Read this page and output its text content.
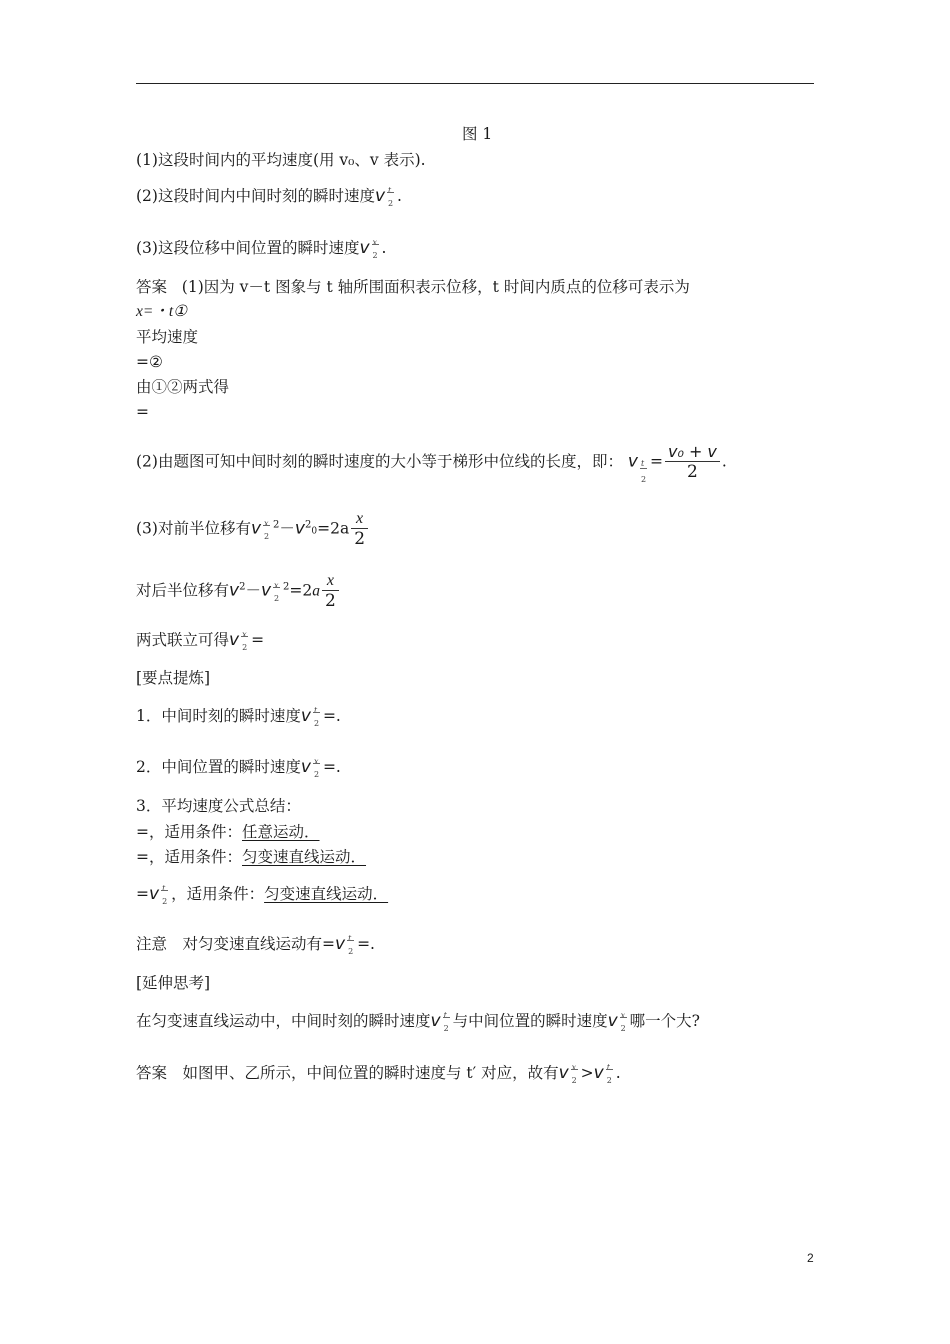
图 1
(1)这段时间内的平均速度(用 v₀、v 表示).
(2)这段时间内中间时刻的瞬时速度v t
2 .
(3)这段位移中间位置的瞬时速度v x
2 .
答案 (1)因为 v－t 图象与 t 轴所围面积表示位移，t 时间内质点的位移可表示为
x=・t①
平均速度
=②
由①②两式得
=
(2)由题图可知中间时刻的瞬时速度的大小等于梯形中位线的长度，即： v $\frac{t}{2} = \frac{\text{v₀ + v}}{2}$ .
(3)对前半位移有v x
2
$^2-v^20=2a \frac{x}{2}$
对后半位移有$v^2-v$ x
2
$^2=2a \frac{x}{2}$
两式联立可得v x
2 =
[要点提炼]
1．中间时刻的瞬时速度v t
2 =.
2．中间位置的瞬时速度v x
2 =.
3．平均速度公式总结：
=，适用条件：任意运动．
=，适用条件：匀变速直线运动．
=v t
2 ，适用条件：匀变速直线运动．
注意　对匀变速直线运动有=v t
2 =.
[延伸思考]
在匀变速直线运动中，中间时刻的瞬时速度v t
2 与中间位置的瞬时速度v x
2 哪一个大?
答案　如图甲、乙所示，中间位置的瞬时速度与 t′ 对应，故有v x
2 >v t
2 .
2
